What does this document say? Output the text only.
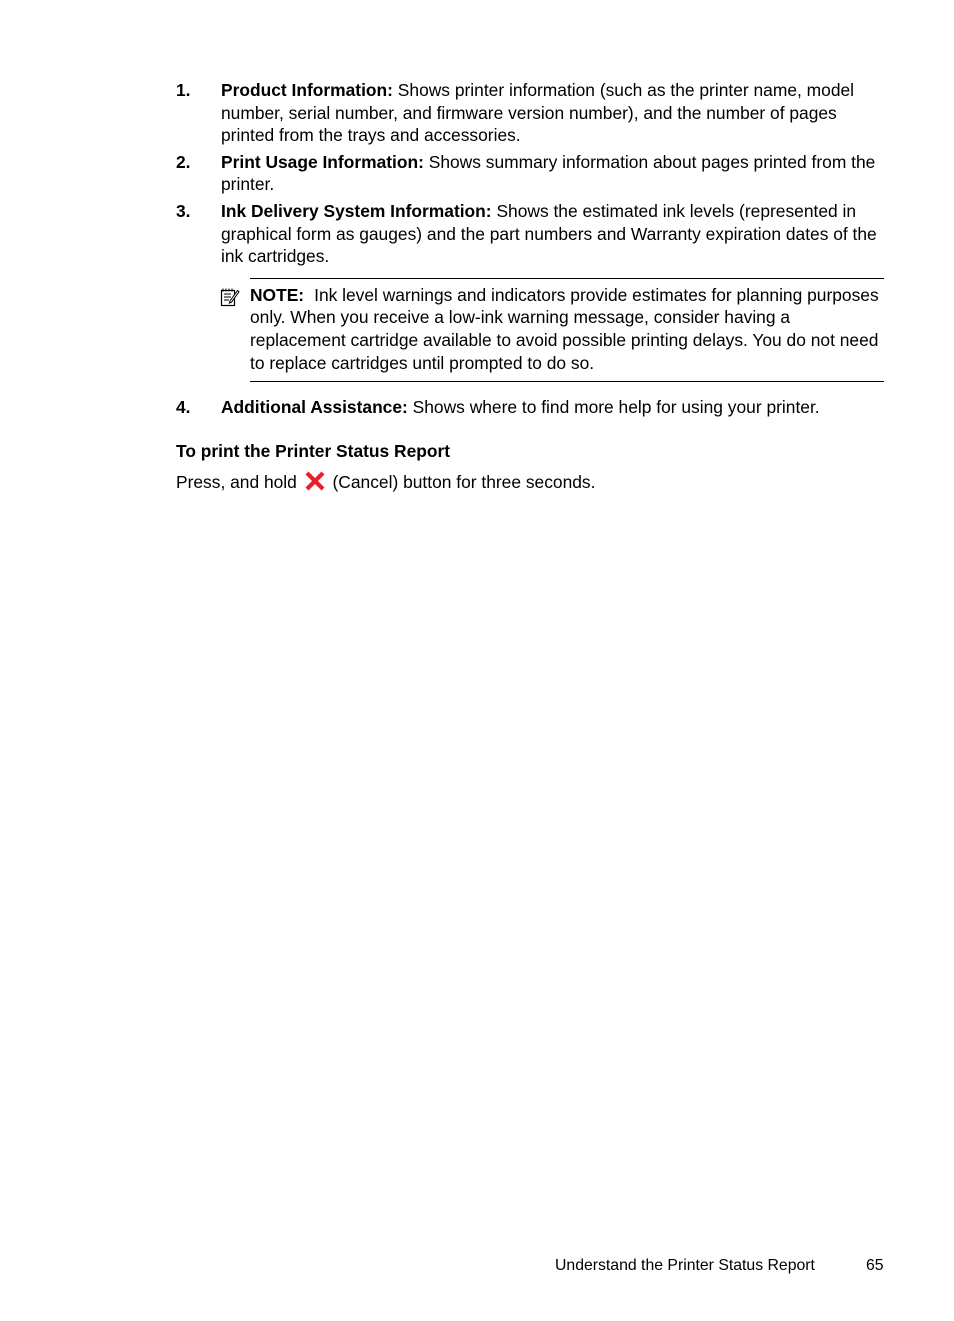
1. Product Information: Shows printer information (such as the printer name, model number, serial number, and firmware version number), and the number of pages printed from the trays and accessories.
2. Print Usage Information: Shows summary information about pages printed from the printer.
3. Ink Delivery System Information: Shows the estimated ink levels (represented in graphical form as gauges) and the part numbers and Warranty expiration dates of the ink cartridges.
NOTE: Ink level warnings and indicators provide estimates for planning purposes only. When you receive a low-ink warning message, consider having a replacement cartridge available to avoid possible printing delays. You do not need to replace cartridges until prompted to do so.
4. Additional Assistance: Shows where to find more help for using your printer.
To print the Printer Status Report
Press, and hold  (Cancel) button for three seconds.
Understand the Printer Status Report	65
